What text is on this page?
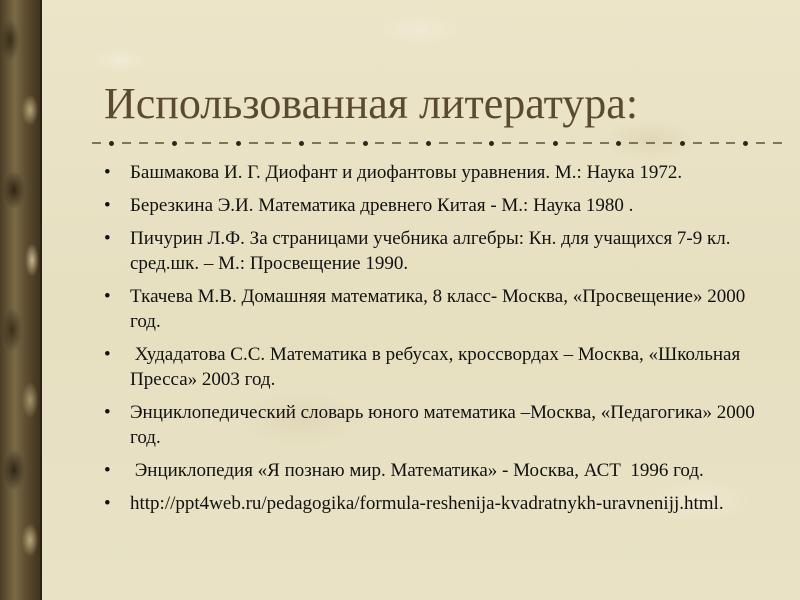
Использованная литература:
•	Башмакова И. Г. Диофант и диофантовы уравнения. М.: Наука 1972.
•	Березкина Э.И. Математика древнего Китая - М.: Наука 1980 .
•	Пичурин Л.Ф. За страницами учебника алгебры: Кн. для учащихся 7-9 кл. сред.шк. – М.: Просвещение 1990.
•	Ткачева М.В. Домашняя математика, 8 класс- Москва, «Просвещение» 2000 год.
•	Худадатова С.С. Математика в ребусах, кроссвордах – Москва, «Школьная Пресса» 2003 год.
•	Энциклопедический словарь юного математика –Москва, «Педагогика» 2000 год.
•	Энциклопедия «Я познаю мир. Математика» - Москва, АСТ  1996 год.
•	http://ppt4web.ru/pedagogika/formula-reshenija-kvadratnykh-uravnenijj.html.
